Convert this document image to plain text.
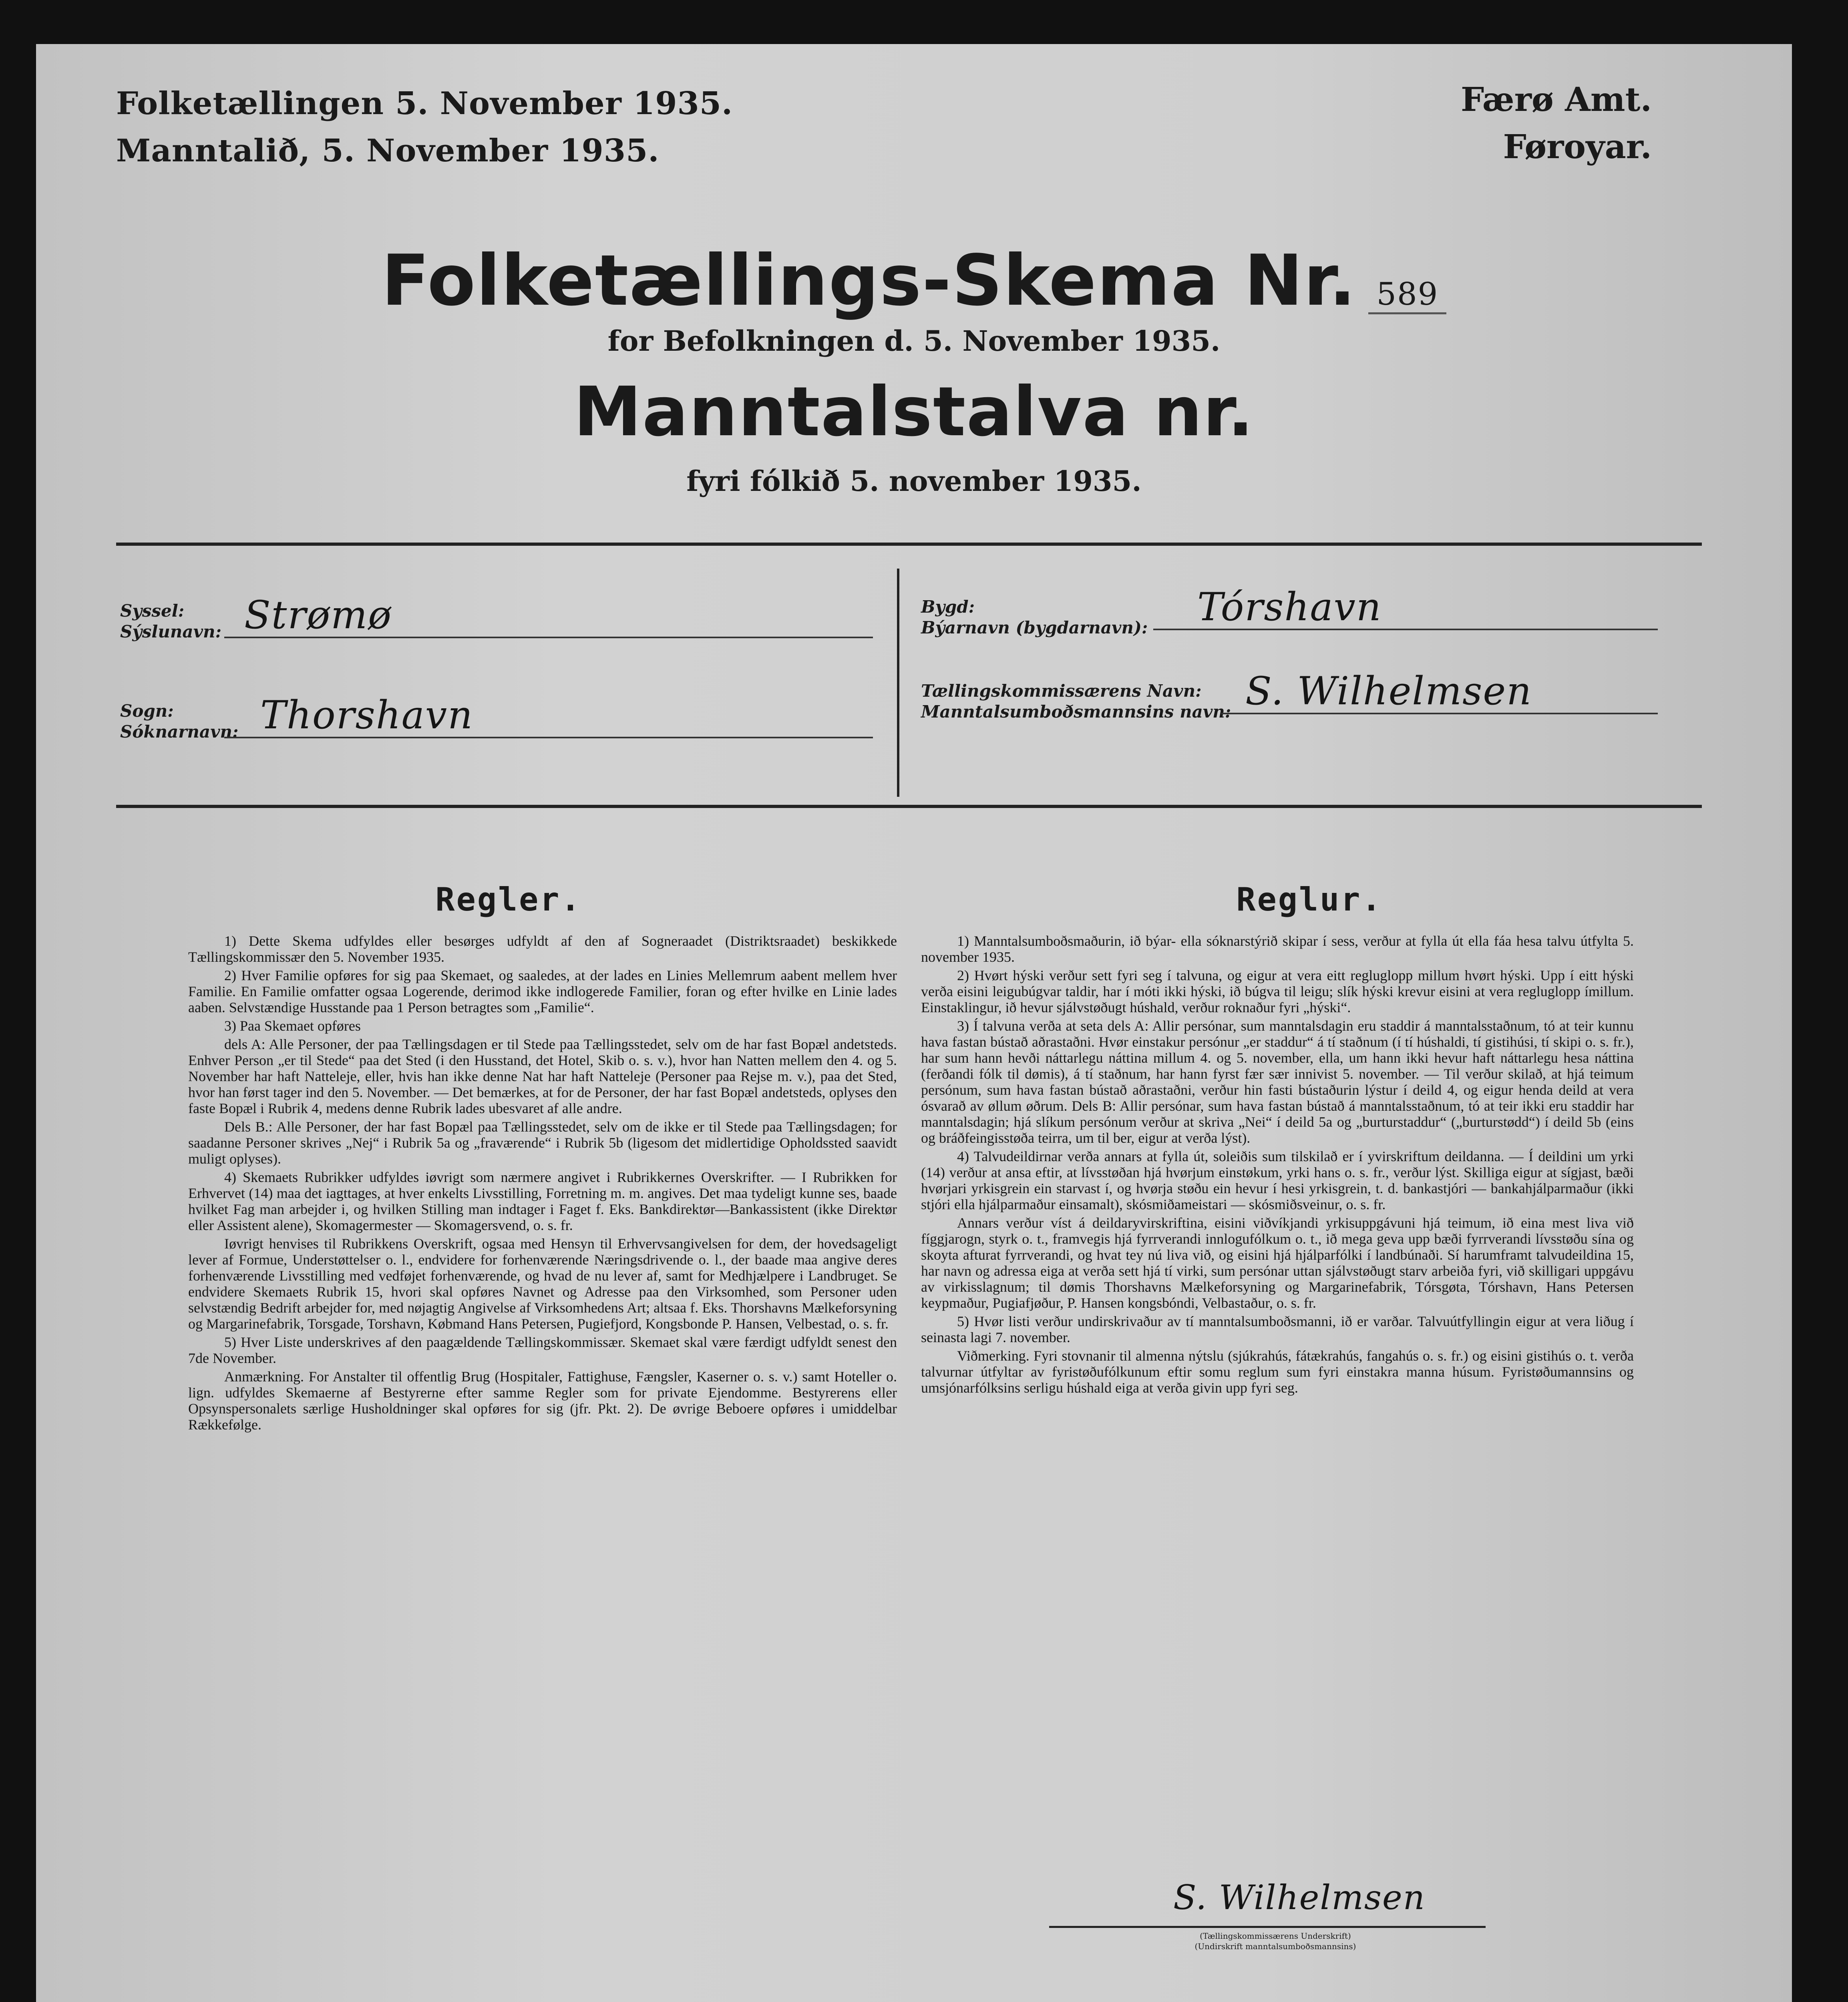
Folketællingen 5. November 1935.
Manntalið, 5. November 1935.
Færø Amt.
Føroyar.
Folketællings-Skema Nr. 589
for Befolkningen d. 5. November 1935.
Manntalstalva nr.
fyri fólkið 5. november 1935.
Syssel:
Sýslunavn: Strømø
Sogn:
Sóknarnavn: Thorshavn
Bygd:
Býarnavn (bygdarnavn): Tórshavn
Tællingskommissærens Navn:
Manntalsumboðsmannsins navn: S. Wilhelmsen
Regler.

1) Dette Skema udfyldes eller besørges udfyldt af den af Sogneraadet (Distriktsraadet) beskikkede Tællingskommissær den 5. November 1935.

2) Hver Familie opføres for sig paa Skemaet, og saaledes, at der lades en Linies Mellemrum aabent mellem hver Familie. En Familie omfatter ogsaa Logerende, derimod ikke indlogerede Familier, foran og efter hvilke en Linie lades aaben. Selvstændige Husstande paa 1 Person betragtes som „Familie“.

3) Paa Skemaet opføres

dels A: Alle Personer, der paa Tællingsdagen er til Stede paa Tællingsstedet, selv om de har fast Bopæl andetsteds. Enhver Person „er til Stede“ paa det Sted (i den Husstand, det Hotel, Skib o. s. v.), hvor han Natten mellem den 4. og 5. November har haft Natteleje, eller, hvis han ikke denne Nat har haft Natteleje (Personer paa Rejse m. v.), paa det Sted, hvor han først tager ind den 5. November. — Det bemærkes, at for de Personer, der har fast Bopæl andetsteds, oplyses den faste Bopæl i Rubrik 4, medens denne Rubrik lades ubesvaret af alle andre.

Dels B.: Alle Personer, der har fast Bopæl paa Tællingsstedet, selv om de ikke er til Stede paa Tællingsdagen; for saadanne Personer skrives „Nej“ i Rubrik 5a og „fraværende“ i Rubrik 5b (ligesom det midlertidige Opholdssted saavidt muligt oplyses).

4) Skemaets Rubrikker udfyldes iøvrigt som nærmere angivet i Rubrikkernes Overskrifter. — I Rubrikken for Erhvervet (14) maa det iagttages, at hver enkelts Livsstilling, Forretning m. m. angives. Det maa tydeligt kunne ses, baade hvilket Fag man arbejder i, og hvilken Stilling man indtager i Faget f. Eks. Bankdirektør—Bankassistent (ikke Direktør eller Assistent alene), Skomagermester — Skomagersvend, o. s. fr.

Iøvrigt henvises til Rubrikkens Overskrift, ogsaa med Hensyn til Erhvervsangivelsen for dem, der hovedsageligt lever af Formue, Understøttelser o. l., endvidere for forhenværende Næringsdrivende o. l., der baade maa angive deres forhenværende Livsstilling med vedføjet forhenværende, og hvad de nu lever af, samt for Medhjælpere i Landbruget. Se endvidere Skemaets Rubrik 15, hvori skal opføres Navnet og Adresse paa den Virksomhed, som Personer uden selvstændig Bedrift arbejder for, med nøjagtig Angivelse af Virksomhedens Art; altsaa f. Eks. Thorshavns Mælkeforsyning og Margarinefabrik, Torsgade, Torshavn, Købmand Hans Petersen, Pugiefjord, Kongsbonde P. Hansen, Velbestad, o. s. fr.

5) Hver Liste underskrives af den paagældende Tællingskommissær. Skemaet skal være færdigt udfyldt senest den 7de November.

Anmærkning. For Anstalter til offentlig Brug (Hospitaler, Fattighuse, Fængsler, Kaserner o. s. v.) samt Hoteller o. lign. udfyldes Skemaerne af Bestyrerne efter samme Regler som for private Ejendomme. Bestyrerens eller Opsynspersonalets særlige Husholdninger skal opføres for sig (jfr. Pkt. 2). De øvrige Beboere opføres i umiddelbar Rækkefølge.

Reglur.

1) Manntalsumboðsmaðurin, ið býar- ella sóknarstýrið skipar í sess, verður at fylla út ella fáa hesa talvu útfylta 5. november 1935.

2) Hvørt hýski verður sett fyri seg í talvuna, og eigur at vera eitt regluglopp millum hvørt hýski. Upp í eitt hýski verða eisini leigubúgvar taldir, har í móti ikki hýski, ið búgva til leigu; slík hýski krevur eisini at vera regluglopp ímillum. Einstaklingur, ið hevur sjálvstøðugt húshald, verður roknaður fyri „hýski“.

3) Í talvuna verða at seta dels A: Allir persónar, sum manntalsdagin eru staddir á manntalsstaðnum, tó at teir kunnu hava fastan bústað aðrastaðni. Hvør einstakur persónur „er staddur“ á tí staðnum (í tí húshaldi, tí gistihúsi, tí skipi o. s. fr.), har sum hann hevði náttarlegu náttina millum 4. og 5. november, ella, um hann ikki hevur haft náttarlegu hesa náttina (ferðandi fólk til dømis), á tí staðnum, har hann fyrst fær sær innivist 5. november. — Til verður skilað, at hjá teimum persónum, sum hava fastan bústað aðrastaðni, verður hin fasti bústaðurin lýstur í deild 4, og eigur henda deild at vera ósvarað av øllum øðrum. Dels B: Allir persónar, sum hava fastan bústað á manntalsstaðnum, tó at teir ikki eru staddir har manntalsdagin; hjá slíkum persónum verður at skriva „Nei“ í deild 5a og „burturstaddur“ („burturstødd“) í deild 5b (eins og bráðfeingisstøða teirra, um til ber, eigur at verða lýst).

4) Talvudeildirnar verða annars at fylla út, soleiðis sum tilskilað er í yvirskriftum deildanna. — Í deildini um yrki (14) verður at ansa eftir, at lívsstøðan hjá hvørjum einstøkum, yrki hans o. s. fr., verður lýst. Skilliga eigur at sígjast, bæði hvørjari yrkisgrein ein starvast í, og hvørja støðu ein hevur í hesi yrkisgrein, t. d. bankastjóri — bankahjálparmaður (ikki stjóri ella hjálparmaður einsamalt), skósmiðameistari — skósmiðsveinur, o. s. fr.

Annars verður víst á deildaryvirskriftina, eisini viðvíkjandi yrkisuppgávuni hjá teimum, ið eina mest liva við fíggjarogn, styrk o. t., framvegis hjá fyrrverandi innlogufólkum o. t., ið mega geva upp bæði fyrrverandi lívsstøðu sína og skoyta afturat fyrrverandi, og hvat tey nú liva við, og eisini hjá hjálparfólki í landbúnaði. Sí harumframt talvudeildina 15, har navn og adressa eiga at verða sett hjá tí virki, sum persónar uttan sjálvstøðugt starv arbeiða fyri, við skilligari uppgávu av virkisslagnum; til dømis Thorshavns Mælkeforsyning og Margarinefabrik, Tórsgøta, Tórshavn, Hans Petersen keypmaður, Pugiafjøður, P. Hansen kongsbóndi, Velbastaður, o. s. fr.

5) Hvør listi verður undirskrivaður av tí manntalsumboðsmanni, ið er varðar. Talvuútfyllingin eigur at vera liðug í seinasta lagi 7. november.

Viðmerking. Fyri stovnanir til almenna nýtslu (sjúkrahús, fátækrahús, fangahús o. s. fr.) og eisini gistihús o. t. verða talvurnar útfyltar av fyristøðufólkunum eftir somu reglum sum fyri einstakra manna húsum. Fyristøðumannsins og umsjónarfólksins serligu húshald eiga at verða givin upp fyri seg.

S. Wilhelmsen
(Tællingskommissærens Underskrift)
(Undirskrift manntalsumboðsmannsins)
